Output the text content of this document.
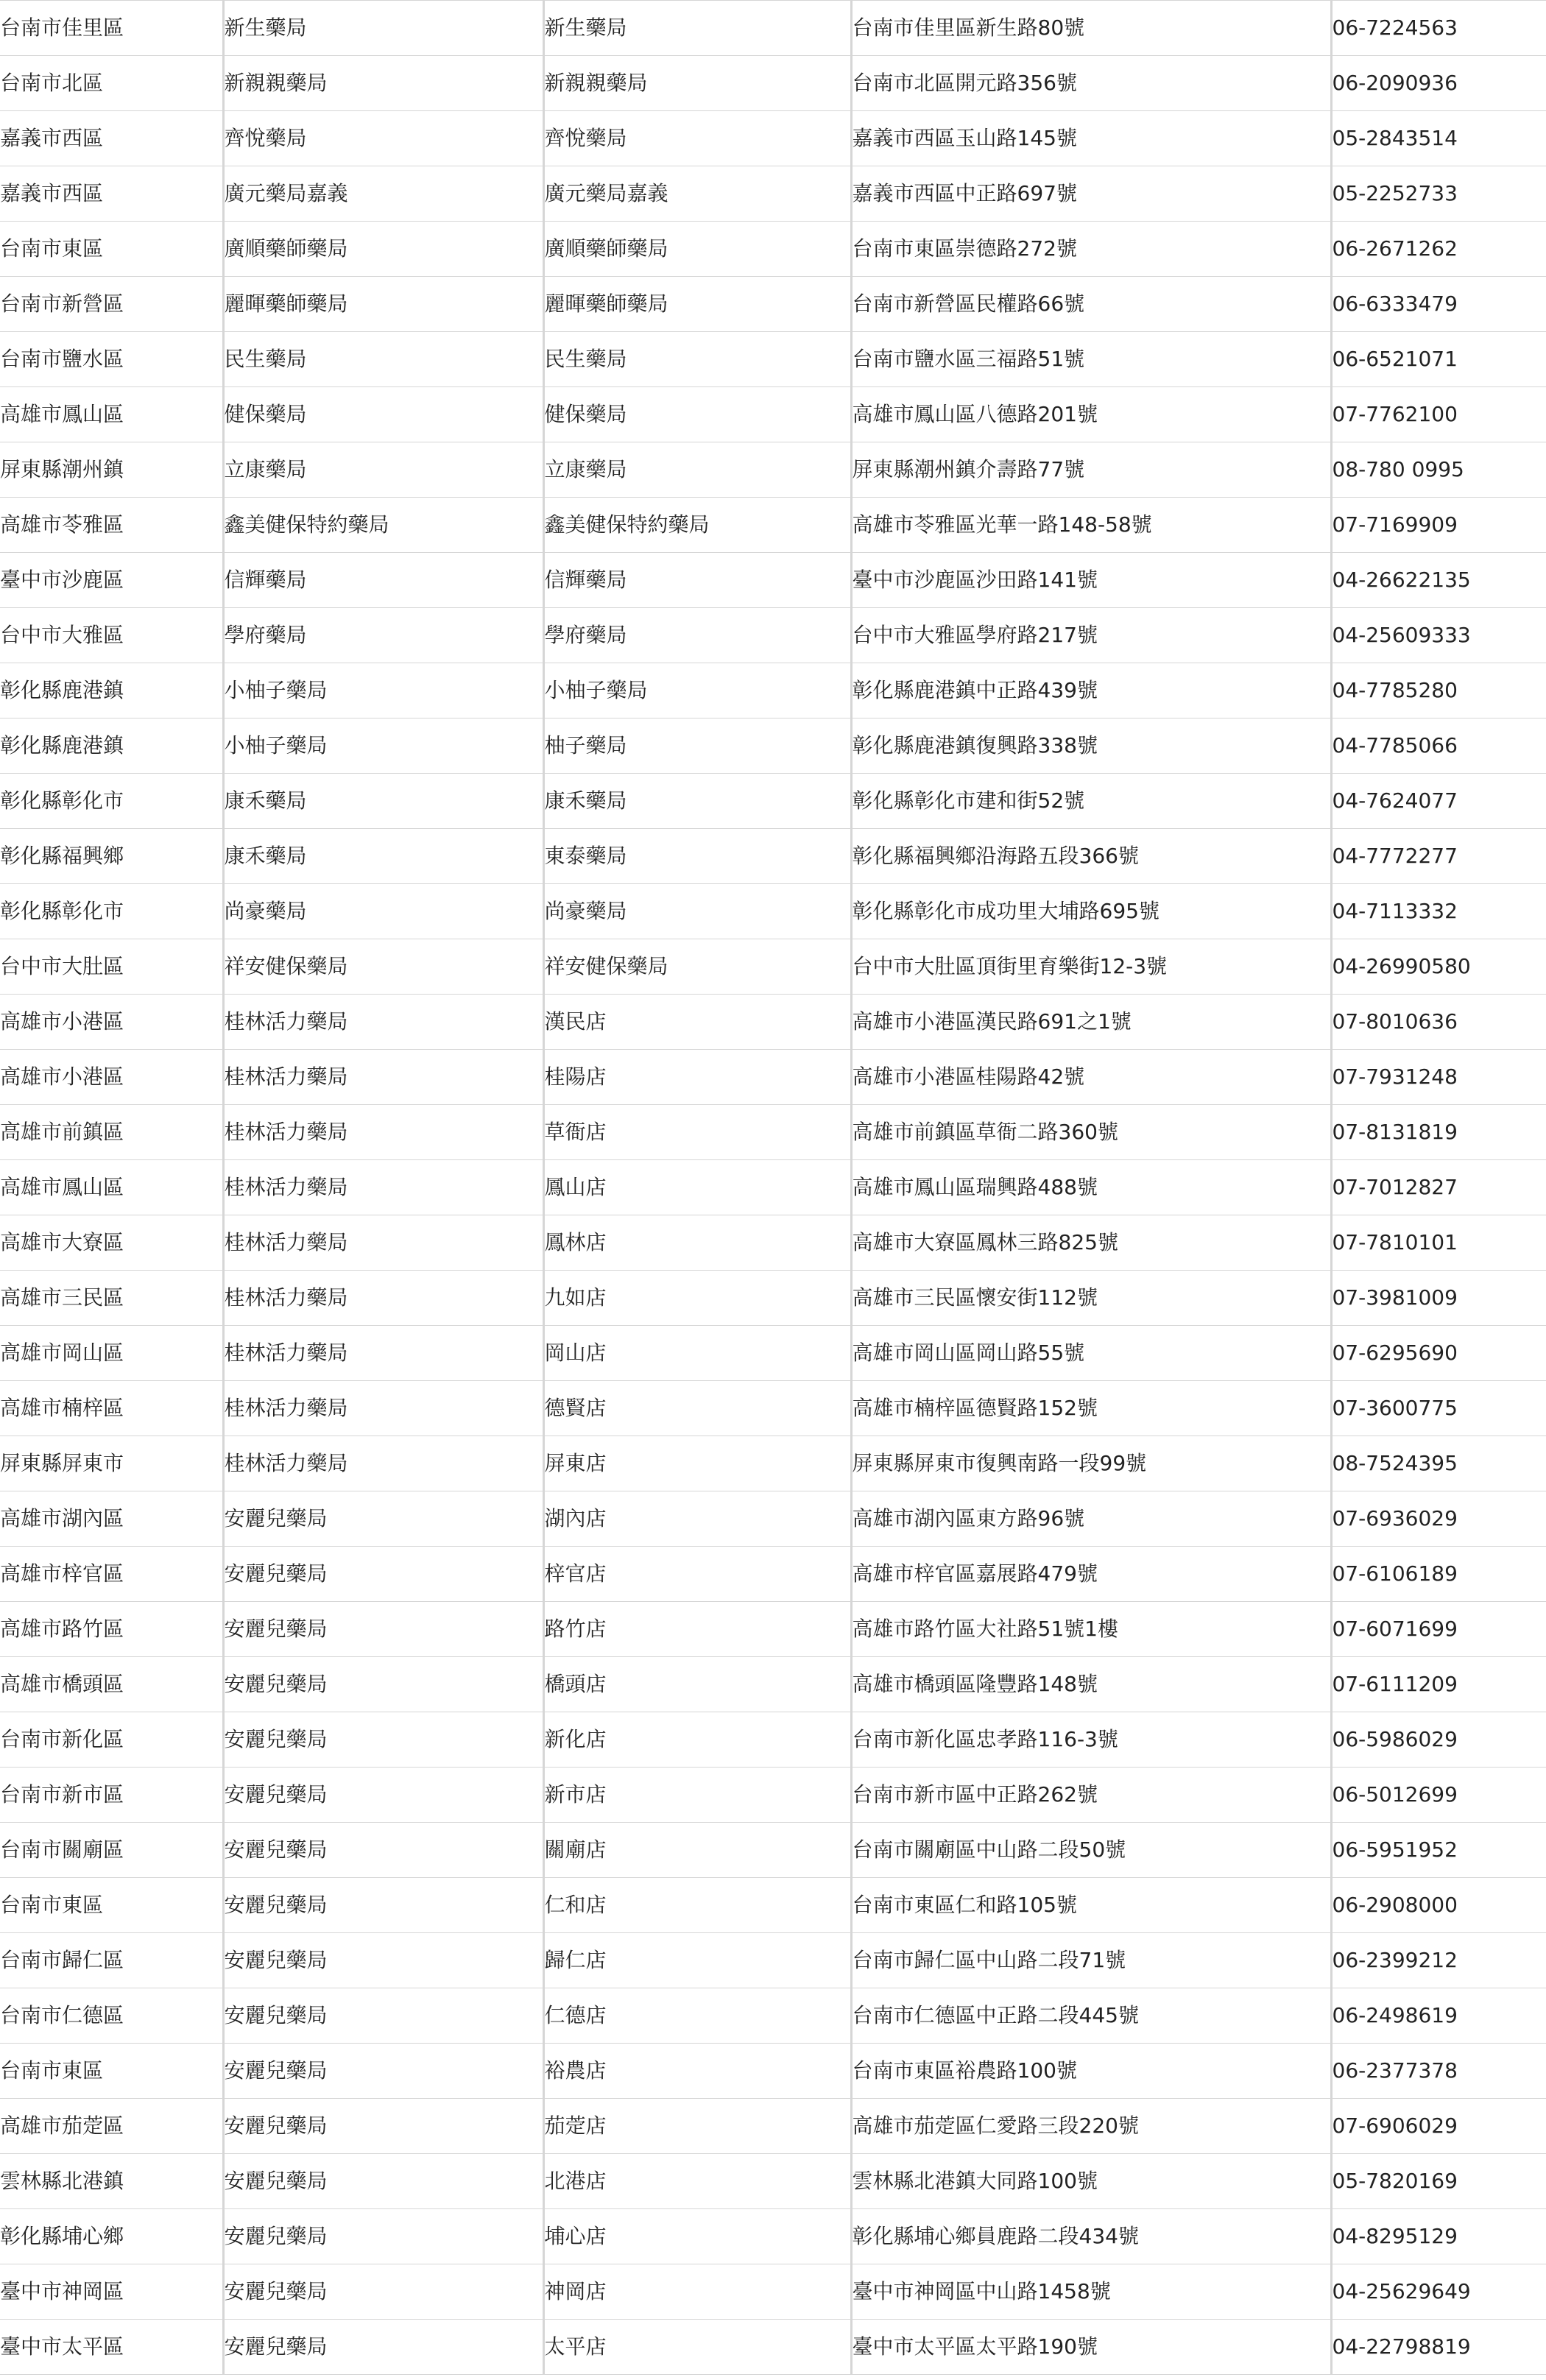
台南市佳里區	新生藥局	新生藥局	台南市佳里區新生路80號	06-7224563
台南市北區	新親親藥局	新親親藥局	台南市北區開元路356號	06-2090936
嘉義市西區	齊悅藥局	齊悅藥局	嘉義市西區玉山路145號	05-2843514
嘉義市西區	廣元藥局嘉義	廣元藥局嘉義	嘉義市西區中正路697號	05-2252733
台南市東區	廣順藥師藥局	廣順藥師藥局	台南市東區崇德路272號	06-2671262
台南市新營區	麗暉藥師藥局	麗暉藥師藥局	台南市新營區民權路66號	06-6333479
台南市鹽水區	民生藥局	民生藥局	台南市鹽水區三福路51號	06-6521071
高雄市鳳山區	健保藥局	健保藥局	高雄市鳳山區八德路201號	07-7762100
屏東縣潮州鎮	立康藥局	立康藥局	屏東縣潮州鎮介壽路77號	08-780 0995
高雄市苓雅區	鑫美健保特約藥局	鑫美健保特約藥局	高雄市苓雅區光華一路148-58號	07-7169909
臺中市沙鹿區	信輝藥局	信輝藥局	臺中市沙鹿區沙田路141號	04-26622135
台中市大雅區	學府藥局	學府藥局	台中市大雅區學府路217號	04-25609333
彰化縣鹿港鎮	小柚子藥局	小柚子藥局	彰化縣鹿港鎮中正路439號	04-7785280
彰化縣鹿港鎮	小柚子藥局	柚子藥局	彰化縣鹿港鎮復興路338號	04-7785066
彰化縣彰化市	康禾藥局	康禾藥局	彰化縣彰化市建和街52號	04-7624077
彰化縣福興鄉	康禾藥局	東泰藥局	彰化縣福興鄉沿海路五段366號	04-7772277
彰化縣彰化市	尚豪藥局	尚豪藥局	彰化縣彰化市成功里大埔路695號	04-7113332
台中市大肚區	祥安健保藥局	祥安健保藥局	台中市大肚區頂街里育樂街12-3號	04-26990580
高雄市小港區	桂林活力藥局	漢民店	高雄市小港區漢民路691之1號	07-8010636
高雄市小港區	桂林活力藥局	桂陽店	高雄市小港區桂陽路42號	07-7931248
高雄市前鎮區	桂林活力藥局	草衙店	高雄市前鎮區草衙二路360號	07-8131819
高雄市鳳山區	桂林活力藥局	鳳山店	高雄市鳳山區瑞興路488號	07-7012827
高雄市大寮區	桂林活力藥局	鳳林店	高雄市大寮區鳳林三路825號	07-7810101
高雄市三民區	桂林活力藥局	九如店	高雄市三民區懷安街112號	07-3981009
高雄市岡山區	桂林活力藥局	岡山店	高雄市岡山區岡山路55號	07-6295690
高雄市楠梓區	桂林活力藥局	德賢店	高雄市楠梓區德賢路152號	07-3600775
屏東縣屏東市	桂林活力藥局	屏東店	屏東縣屏東市復興南路一段99號	08-7524395
高雄市湖內區	安麗兒藥局	湖內店	高雄市湖內區東方路96號	07-6936029
高雄市梓官區	安麗兒藥局	梓官店	高雄市梓官區嘉展路479號	07-6106189
高雄市路竹區	安麗兒藥局	路竹店	高雄市路竹區大社路51號1樓	07-6071699
高雄市橋頭區	安麗兒藥局	橋頭店	高雄市橋頭區隆豐路148號	07-6111209
台南市新化區	安麗兒藥局	新化店	台南市新化區忠孝路116-3號	06-5986029
台南市新市區	安麗兒藥局	新市店	台南市新市區中正路262號	06-5012699
台南市關廟區	安麗兒藥局	關廟店	台南市關廟區中山路二段50號	06-5951952
台南市東區	安麗兒藥局	仁和店	台南市東區仁和路105號	06-2908000
台南市歸仁區	安麗兒藥局	歸仁店	台南市歸仁區中山路二段71號	06-2399212
台南市仁德區	安麗兒藥局	仁德店	台南市仁德區中正路二段445號	06-2498619
台南市東區	安麗兒藥局	裕農店	台南市東區裕農路100號	06-2377378
高雄市茄萣區	安麗兒藥局	茄萣店	高雄市茄萣區仁愛路三段220號	07-6906029
雲林縣北港鎮	安麗兒藥局	北港店	雲林縣北港鎮大同路100號	05-7820169
彰化縣埔心鄉	安麗兒藥局	埔心店	彰化縣埔心鄉員鹿路二段434號	04-8295129
臺中市神岡區	安麗兒藥局	神岡店	臺中市神岡區中山路1458號	04-25629649
臺中市太平區	安麗兒藥局	太平店	臺中市太平區太平路190號	04-22798819
